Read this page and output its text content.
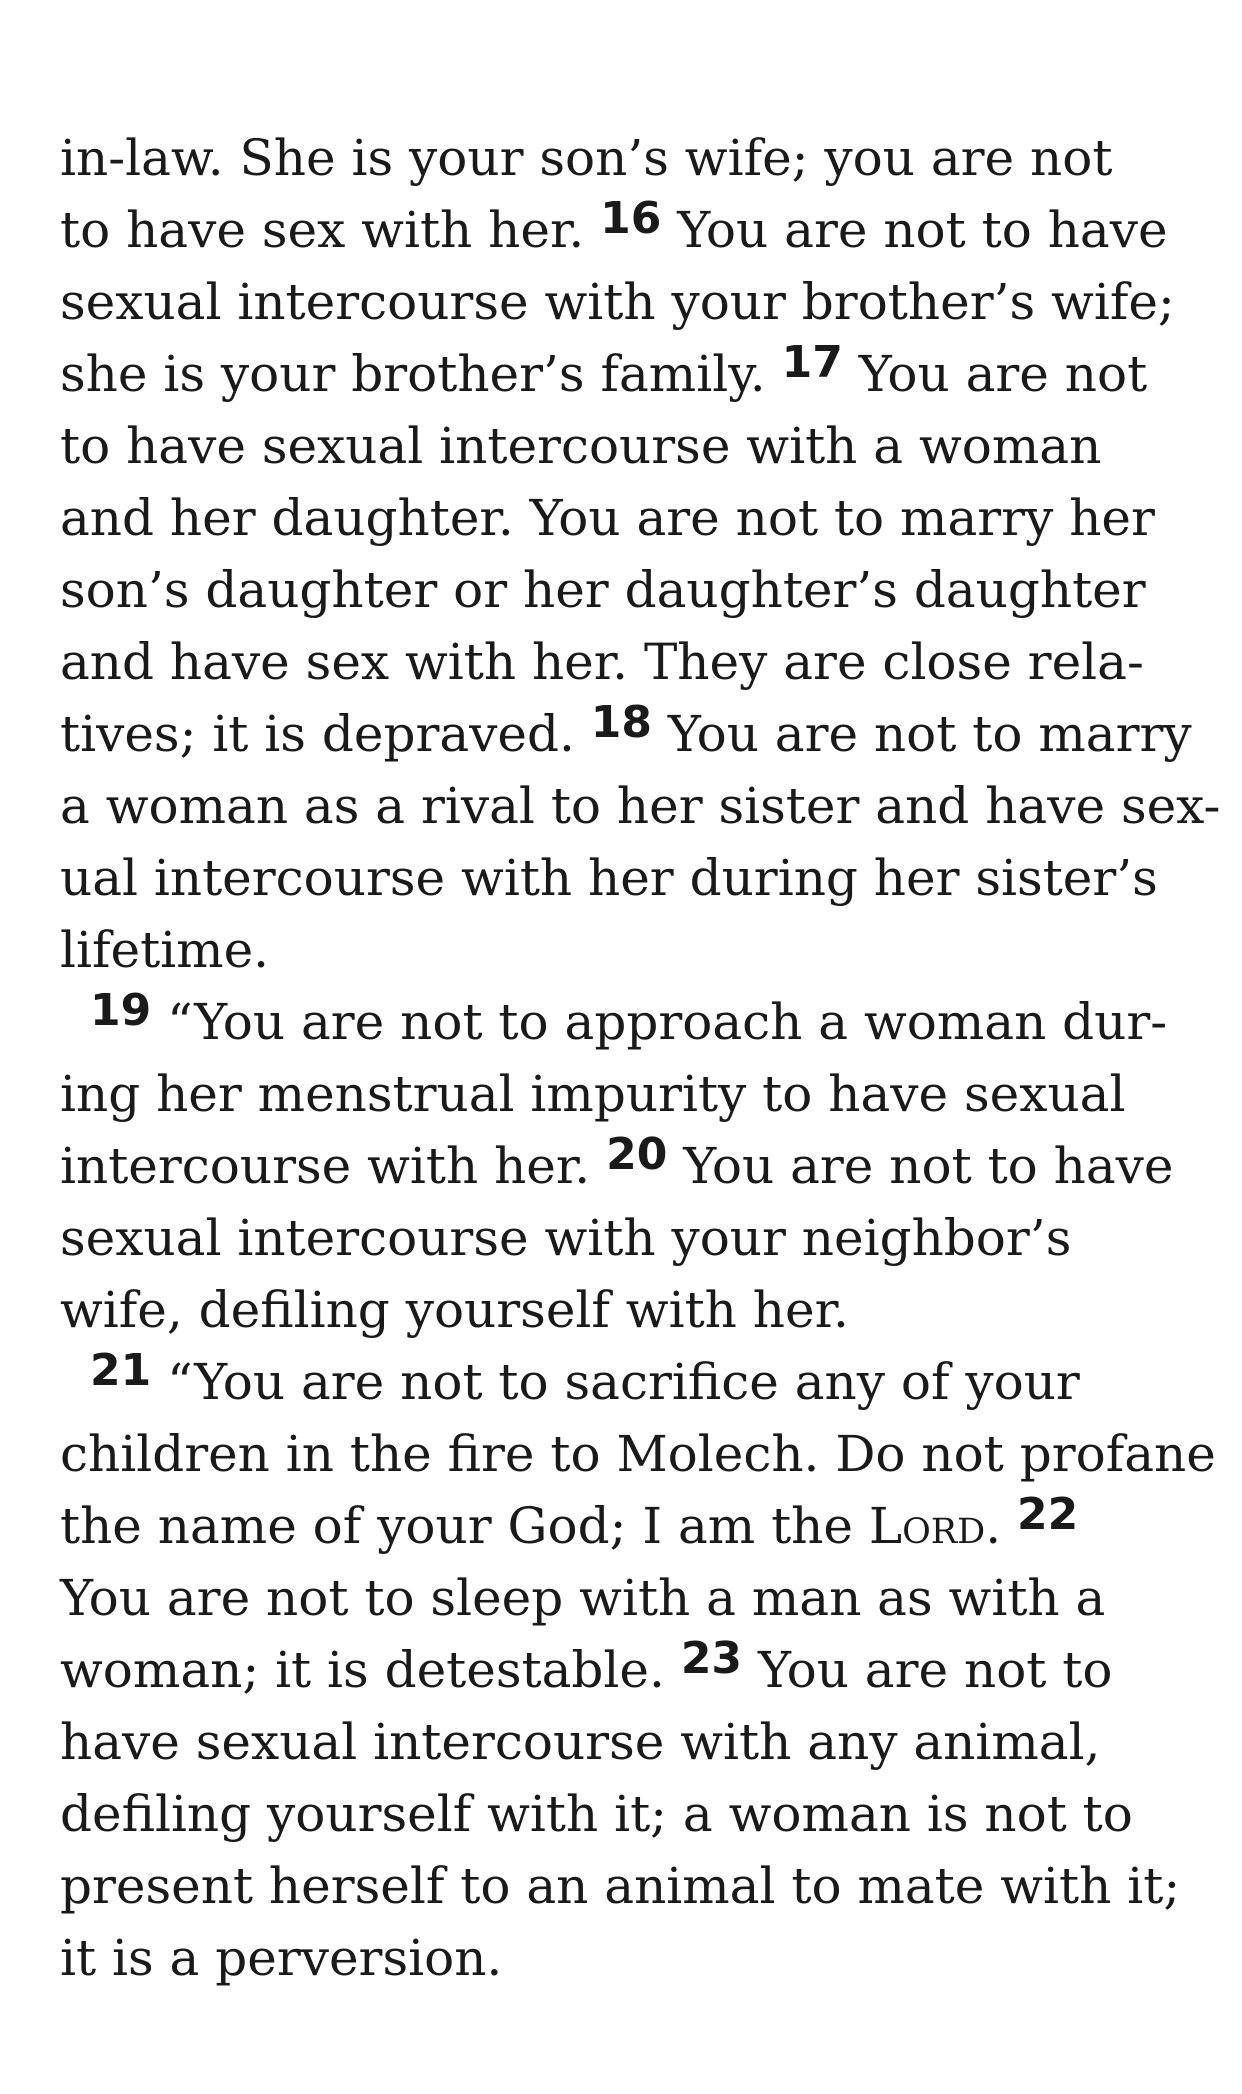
in-law. She is your son’s wife; you are not
to have sex with her. 16 You are not to have
sexual intercourse with your brother’s wife;
she is your brother’s family. 17 You are not
to have sexual intercourse with a woman
and her daughter. You are not to marry her
son’s daughter or her daughter’s daughter
and have sex with her. They are close rela-
tives; it is depraved. 18 You are not to marry
a woman as a rival to her sister and have sex-
ual intercourse with her during her sister’s
lifetime.
19 “You are not to approach a woman dur-
ing her menstrual impurity to have sexual
intercourse with her. 20 You are not to have
sexual intercourse with your neighbor’s
wife, defiling yourself with her.
21 “You are not to sacrifice any of your
children in the fire to Molech. Do not profane
the name of your God; I am the Lord. 22
You are not to sleep with a man as with a
woman; it is detestable. 23 You are not to
have sexual intercourse with any animal,
defiling yourself with it; a woman is not to
present herself to an animal to mate with it;
it is a perversion.
